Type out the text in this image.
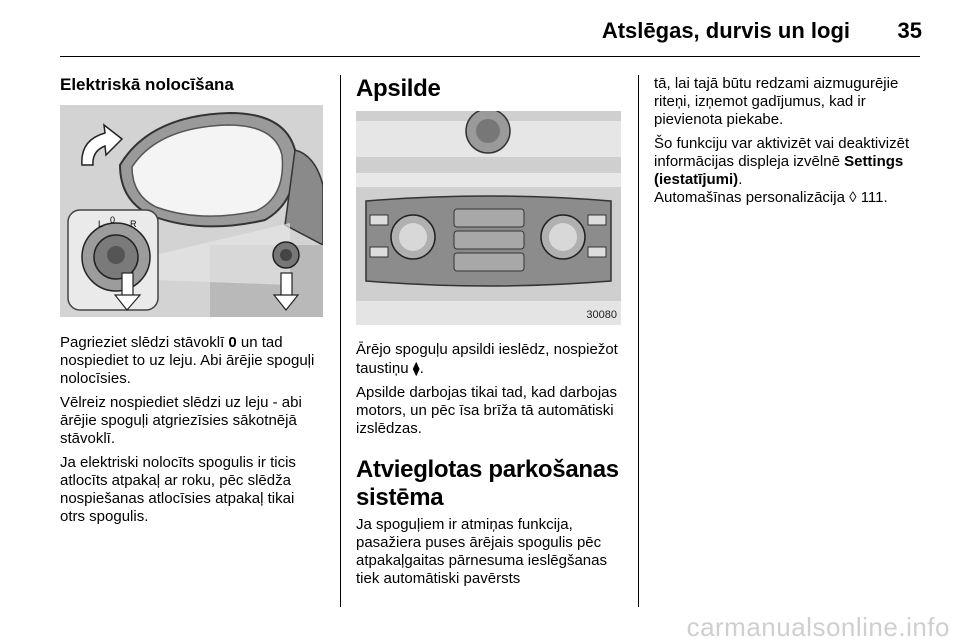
Atslēgas, durvis un logi	35
Elektriskā nolocīšana
L 0 R

Pagrieziet slēdzi stāvoklī 0 un tad nospiediet to uz leju. Abi ārējie spoguļi nolocīsies.

Vēlreiz nospiediet slēdzi uz leju - abi ārējie spoguļi atgriezīsies sākotnējā stāvoklī.

Ja elektriski nolocīts spogulis ir ticis atlocīts atpakaļ ar roku, pēc slēdža nospiešanas atlocīsies atpakaļ tikai otrs spogulis.

Apsilde
30080

Ārējo spoguļu apsildi ieslēdz, nospiežot taustiņu ⧫.

Apsilde darbojas tikai tad, kad darbojas motors, un pēc īsa brīža tā automātiski izslēdzas.

Atvieglotas parkošanas sistēma

Ja spoguļiem ir atmiņas funkcija, pasažiera puses ārējais spogulis pēc atpakaļgaitas pārnesuma ieslēgšanas tiek automātiski pavērsts

tā, lai tajā būtu redzami aizmugurējie riteņi, izņemot gadījumus, kad ir pievienota piekabe.

Šo funkciju var aktivizēt vai deaktivizēt informācijas displeja izvēlnē Settings (iestatījumi).
Automašīnas personalizācija ◊ 111.

carmanualsonline.info
